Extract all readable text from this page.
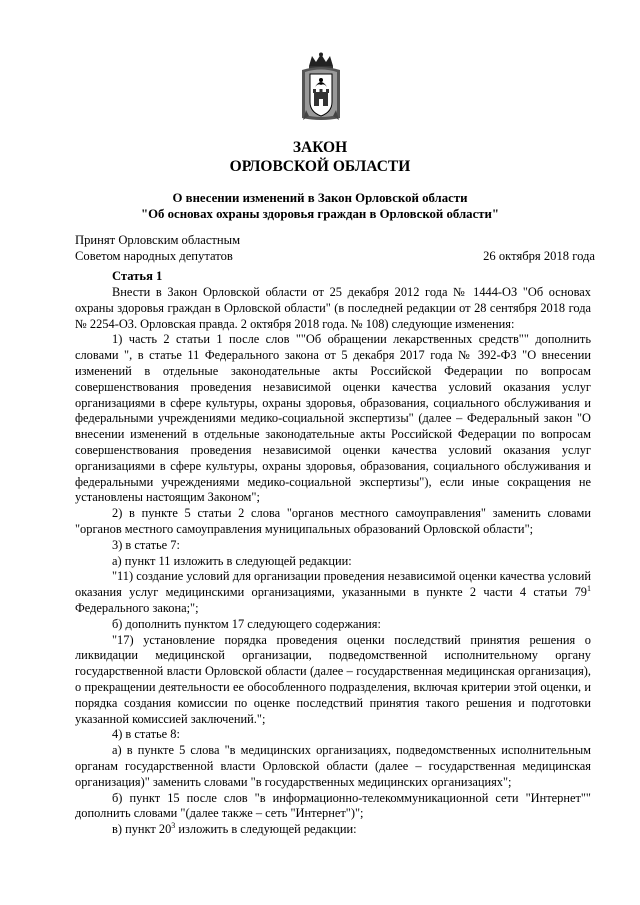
ЗАКОН
ОРЛОВСКОЙ ОБЛАСТИ
О внесении изменений в Закон Орловской области
"Об основах охраны здоровья граждан в Орловской области"
Принят Орловским областным
Советом народных депутатов	26 октября 2018 года
Статья 1

Внести в Закон Орловской области от 25 декабря 2012 года № 1444-ОЗ "Об основах охраны здоровья граждан в Орловской области" (в последней редакции от 28 сентября 2018 года № 2254-ОЗ. Орловская правда. 2 октября 2018 года. № 108) следующие изменения:

1) часть 2 статьи 1 после слов ""Об обращении лекарственных средств"" дополнить словами ", в статье 11 Федерального закона от 5 декабря 2017 года № 392-ФЗ "О внесении изменений в отдельные законодательные акты Российской Федерации по вопросам совершенствования проведения независимой оценки качества условий оказания услуг организациями в сфере культуры, охраны здоровья, образования, социального обслуживания и федеральными учреждениями медико-социальной экспертизы" (далее – Федеральный закон "О внесении изменений в отдельные законодательные акты Российской Федерации по вопросам совершенствования проведения независимой оценки качества условий оказания услуг организациями в сфере культуры, охраны здоровья, образования, социального обслуживания и федеральными учреждениями медико-социальной экспертизы"), если иные сокращения не установлены настоящим Законом";

2) в пункте 5 статьи 2 слова "органов местного самоуправления" заменить словами "органов местного самоуправления муниципальных образований Орловской области";

3) в статье 7:

а) пункт 11 изложить в следующей редакции:

"11) создание условий для организации проведения независимой оценки качества условий оказания услуг медицинскими организациями, указанными в пункте 2 части 4 статьи $79^1$ Федерального закона;";

б) дополнить пунктом 17 следующего содержания:

"17) установление порядка проведения оценки последствий принятия решения о ликвидации медицинской организации, подведомственной исполнительному органу государственной власти Орловской области (далее – государственная медицинская организация), о прекращении деятельности ее обособленного подразделения, включая критерии этой оценки, и порядка создания комиссии по оценке последствий принятия такого решения и подготовки указанной комиссией заключений.";

4) в статье 8:

а) в пункте 5 слова "в медицинских организациях, подведомственных исполнительным органам государственной власти Орловской области (далее – государственная медицинская организация)" заменить словами "в государственных медицинских организациях";

б) пункт 15 после слов "в информационно-телекоммуникационной сети "Интернет"" дополнить словами "(далее также – сеть "Интернет")";

в) пункт $20^3$ изложить в следующей редакции:
